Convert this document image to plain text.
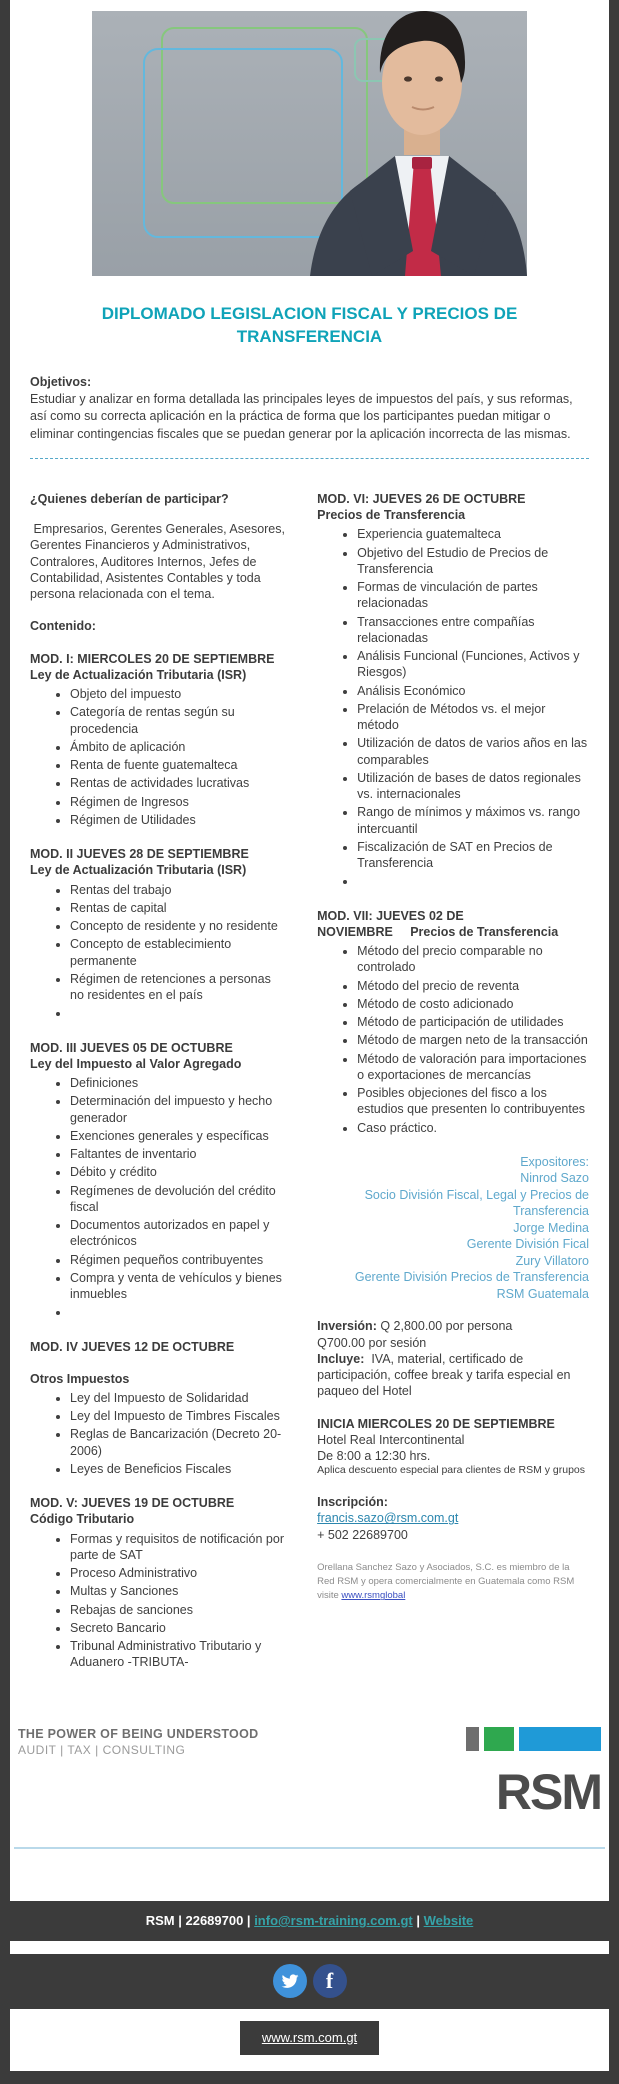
DIPLOMADO LEGISLACION FISCAL Y PRECIOS DE TRANSFERENCIA
Objetivos:
Estudiar y analizar en forma detallada las principales leyes de impuestos del país, y sus reformas, así como su correcta aplicación en la práctica de forma que los participantes puedan mitigar o eliminar contingencias fiscales que se puedan generar por la aplicación incorrecta de las mismas.
¿Quienes deberían de participar?

Empresarios, Gerentes Generales, Asesores, Gerentes Financieros y Administrativos, Contralores, Auditores Internos, Jefes de Contabilidad, Asistentes Contables y toda persona relacionada con el tema.

Contenido:
MOD. I: MIERCOLES 20 DE SEPTIEMBRE
Ley de Actualización Tributaria (ISR)
• Objeto del impuesto
• Categoría de rentas según su procedencia
• Ámbito de aplicación
• Renta de fuente guatemalteca
• Rentas de actividades lucrativas
• Régimen de Ingresos
• Régimen de Utilidades
MOD. II JUEVES 28 DE SEPTIEMBRE
Ley de Actualización Tributaria (ISR)
• Rentas del trabajo
• Rentas de capital
• Concepto de residente y no residente
• Concepto de establecimiento permanente
• Régimen de retenciones a personas no residentes en el país
•
MOD. III JUEVES 05 DE OCTUBRE
Ley del Impuesto al Valor Agregado
• Definiciones
• Determinación del impuesto y hecho generador
• Exenciones generales y específicas
• Faltantes de inventario
• Débito y crédito
• Regímenes de devolución del crédito fiscal
• Documentos autorizados en papel y electrónicos
• Régimen pequeños contribuyentes
• Compra y venta de vehículos y bienes inmuebles
•
MOD. IV JUEVES 12 DE OCTUBRE
Otros Impuestos
• Ley del Impuesto de Solidaridad
• Ley del Impuesto de Timbres Fiscales
• Reglas de Bancarización (Decreto 20-2006)
• Leyes de Beneficios Fiscales
MOD. V: JUEVES 19 DE OCTUBRE
Código Tributario
• Formas y requisitos de notificación por parte de SAT
• Proceso Administrativo
• Multas y Sanciones
• Rebajas de sanciones
• Secreto Bancario
• Tribunal Administrativo Tributario y Aduanero -TRIBUTA-
MOD. VI: JUEVES 26 DE OCTUBRE
Precios de Transferencia
• Experiencia guatemalteca
• Objetivo del Estudio de Precios de Transferencia
• Formas de vinculación de partes relacionadas
• Transacciones entre compañías relacionadas
• Análisis Funcional (Funciones, Activos y Riesgos)
• Análisis Económico
• Prelación de Métodos vs. el mejor método
• Utilización de datos de varios años en las comparables
• Utilización de bases de datos regionales vs. internacionales
• Rango de mínimos y máximos vs. rango intercuantil
• Fiscalización de SAT en Precios de Transferencia
•
MOD. VII: JUEVES 02 DE
NOVIEMBRE     Precios de Transferencia
• Método del precio comparable no controlado
• Método del precio de reventa
• Método de costo adicionado
• Método de participación de utilidades
• Método de margen neto de la transacción
• Método de valoración para importaciones o exportaciones de mercancías
• Posibles objeciones del fisco a los estudios que presenten lo contribuyentes
• Caso práctico.
Expositores:
Ninrod Sazo
Socio División Fiscal, Legal y Precios de Transferencia
Jorge Medina
Gerente División Fical
Zury Villatoro
Gerente División Precios de Transferencia
RSM Guatemala
Inversión: Q 2,800.00 por persona
Q700.00 por sesión
Incluye:  IVA, material, certificado de participación, coffee break y tarifa especial en paqueo del Hotel
INICIA MIERCOLES 20 DE SEPTIEMBRE
Hotel Real Intercontinental
De 8:00 a 12:30 hrs.
Aplica descuento especial para clientes de RSM y grupos
Inscripción:
francis.sazo@rsm.com.gt
+ 502 22689700
Orellana Sanchez Sazo y Asociados, S.C. es miembro de la Red RSM y opera comercialmente en Guatemala como RSM visite www.rsmglobal
THE POWER OF BEING UNDERSTOOD
AUDIT | TAX | CONSULTING
RSM
RSM | 22689700 | info@rsm-training.com.gt | Website
f
www.rsm.com.gt
